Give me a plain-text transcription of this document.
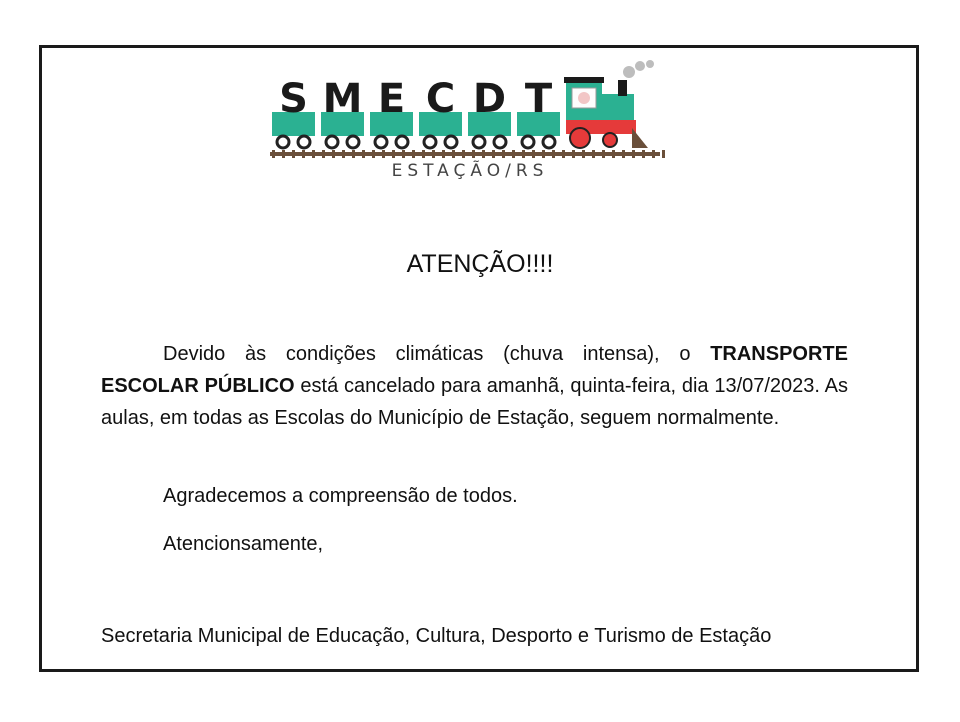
S M E C D T
ESTAÇÃO/RS
ATENÇÃO!!!!
Devido às condições climáticas (chuva intensa), o TRANSPORTE ESCOLAR PÚBLICO está cancelado para amanhã, quinta-feira, dia 13/07/2023. As aulas, em todas as Escolas do Município de Estação, seguem normalmente.
Agradecemos a compreensão de todos.
Atencionsamente,
Secretaria Municipal de Educação, Cultura, Desporto e Turismo de Estação
